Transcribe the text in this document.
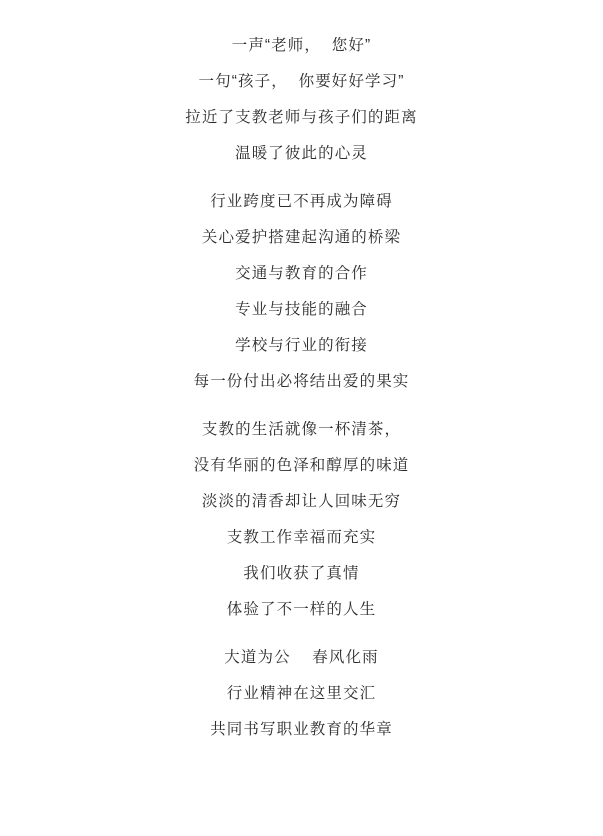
一声“老师，  您好”
一句“孩子，  你要好好学习”
拉近了支教老师与孩子们的距离
温暖了彼此的心灵
行业跨度已不再成为障碍
关心爱护搭建起沟通的桥梁
交通与教育的合作
专业与技能的融合
学校与行业的衔接
每一份付出必将结出爱的果实
支教的生活就像一杯清茶，
没有华丽的色泽和醇厚的味道
淡淡的清香却让人回味无穷
支教工作幸福而充实
我们收获了真情
体验了不一样的人生
大道为公    春风化雨
行业精神在这里交汇
共同书写职业教育的华章
